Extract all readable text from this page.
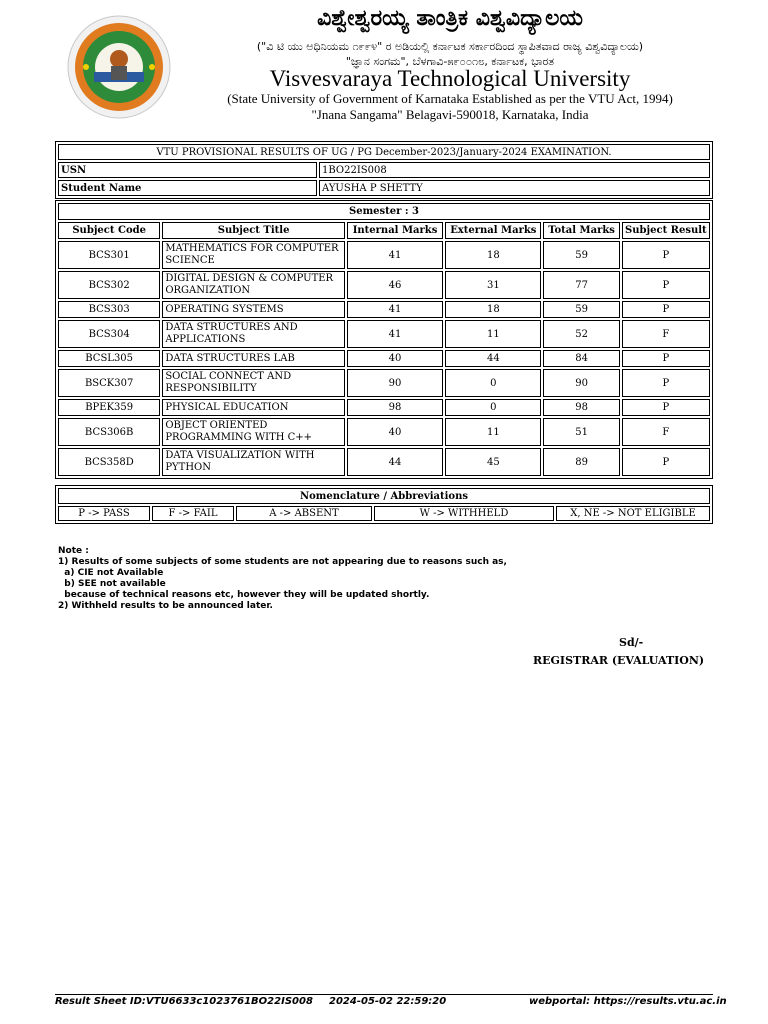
ವಿಶ್ವೇಶ್ವರಯ್ಯ ತಾಂತ್ರಿಕ ವಿಶ್ವವಿದ್ಯಾಲಯ
("ವಿ ಟಿ ಯು ಅಧಿನಿಯಮ ೧೯೯೪" ರ ಅಡಿಯಲ್ಲಿ ಕರ್ನಾಟಕ ಸರ್ಕಾರದಿಂದ ಸ್ಥಾಪಿತವಾದ ರಾಜ್ಯ ವಿಶ್ವವಿದ್ಯಾಲಯ)
"ಜ್ಞಾನ ಸಂಗಮ", ಬೆಳಗಾವಿ-೫೯೦೦೧೮, ಕರ್ನಾಟಕ, ಭಾರತ
Visvesvaraya Technological University
(State University of Government of Karnataka Established as per the VTU Act, 1994)
"Jnana Sangama" Belagavi-590018, Karnataka, India
VTU PROVISIONAL RESULTS OF UG / PG December-2023/January-2024 EXAMINATION.	
USN	1BO22IS008
Student Name	AYUSHA P SHETTY
Semester : 3					
Subject Code	Subject Title	Internal Marks	External Marks	Total Marks	Subject Result
BCS301	MATHEMATICS FOR COMPUTER SCIENCE	41	18	59	P
BCS302	DIGITAL DESIGN & COMPUTER ORGANIZATION	46	31	77	P
BCS303	OPERATING SYSTEMS	41	18	59	P
BCS304	DATA STRUCTURES AND APPLICATIONS	41	11	52	F
BCSL305	DATA STRUCTURES LAB	40	44	84	P
BSCK307	SOCIAL CONNECT AND RESPONSIBILITY	90	0	90	P
BPEK359	PHYSICAL EDUCATION	98	0	98	P
BCS306B	OBJECT ORIENTED PROGRAMMING WITH C++	40	11	51	F
BCS358D	DATA VISUALIZATION WITH PYTHON	44	45	89	P
Nomenclature / Abbreviations
P -> PASS	F -> FAIL	A -> ABSENT	W -> WITHHELD	X, NE -> NOT ELIGIBLE
Note :
1) Results of some subjects of some students are not appearing due to reasons such as,
a) CIE not Available
b) SEE not available
because of technical reasons etc, however they will be updated shortly.
2) Withheld results to be announced later.
Sd/-
REGISTRAR (EVALUATION)
Result Sheet ID:VTU6633c1023761BO22IS008 2024-05-02 22:59:20	webportal: https://results.vtu.ac.in
